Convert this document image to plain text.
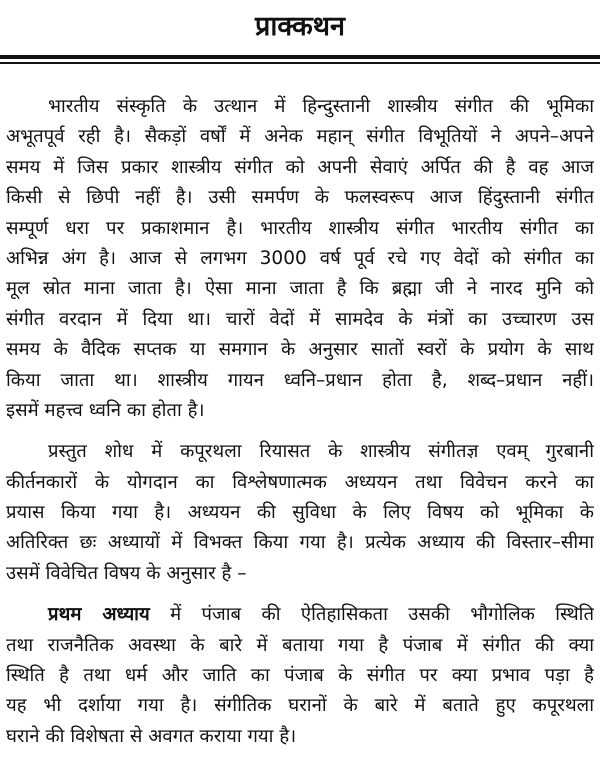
प्राक्कथन
भारतीय संस्कृति के उत्थान में हिन्दुस्तानी शास्त्रीय संगीत की भूमिका
अभूतपूर्व रही है। सैकड़ों वर्षों में अनेक महान् संगीत विभूतियों ने अपने–अपने
समय में जिस प्रकार शास्त्रीय संगीत को अपनी सेवाएं अर्पित की है वह आज
किसी से छिपी नहीं है। उसी समर्पण के फलस्वरूप आज हिंदुस्तानी संगीत
सम्पूर्ण धरा पर प्रकाशमान है। भारतीय शास्त्रीय संगीत भारतीय संगीत का
अभिन्न अंग है। आज से लगभग 3000 वर्ष पूर्व रचे गए वेदों को संगीत का
मूल स्रोत माना जाता है। ऐसा माना जाता है कि ब्रह्मा जी ने नारद मुनि को
संगीत वरदान में दिया था। चारों वेदों में सामदेव के मंत्रों का उच्चारण उस
समय के वैदिक सप्तक या समगान के अनुसार सातों स्वरों के प्रयोग के साथ
किया जाता था। शास्त्रीय गायन ध्वनि–प्रधान होता है, शब्द–प्रधान नहीं।
इसमें महत्त्व ध्वनि का होता है।
प्रस्तुत शोध में कपूरथला रियासत के शास्त्रीय संगीतज्ञ एवम् गुरबानी
कीर्तनकारों के योगदान का विश्लेषणात्मक अध्ययन तथा विवेचन करने का
प्रयास किया गया है। अध्ययन की सुविधा के लिए विषय को भूमिका के
अतिरिक्त छः अध्यायों में विभक्त किया गया है। प्रत्येक अध्याय की विस्तार–सीमा
उसमें विवेचित विषय के अनुसार है –
प्रथम अध्याय में पंजाब की ऐतिहासिकता उसकी भौगोलिक स्थिति
तथा राजनैतिक अवस्था के बारे में बताया गया है पंजाब में संगीत की क्या
स्थिति है तथा धर्म और जाति का पंजाब के संगीत पर क्या प्रभाव पड़ा है
यह भी दर्शाया गया है। संगीतिक घरानों के बारे में बताते हुए कपूरथला
घराने की विशेषता से अवगत कराया गया है।
